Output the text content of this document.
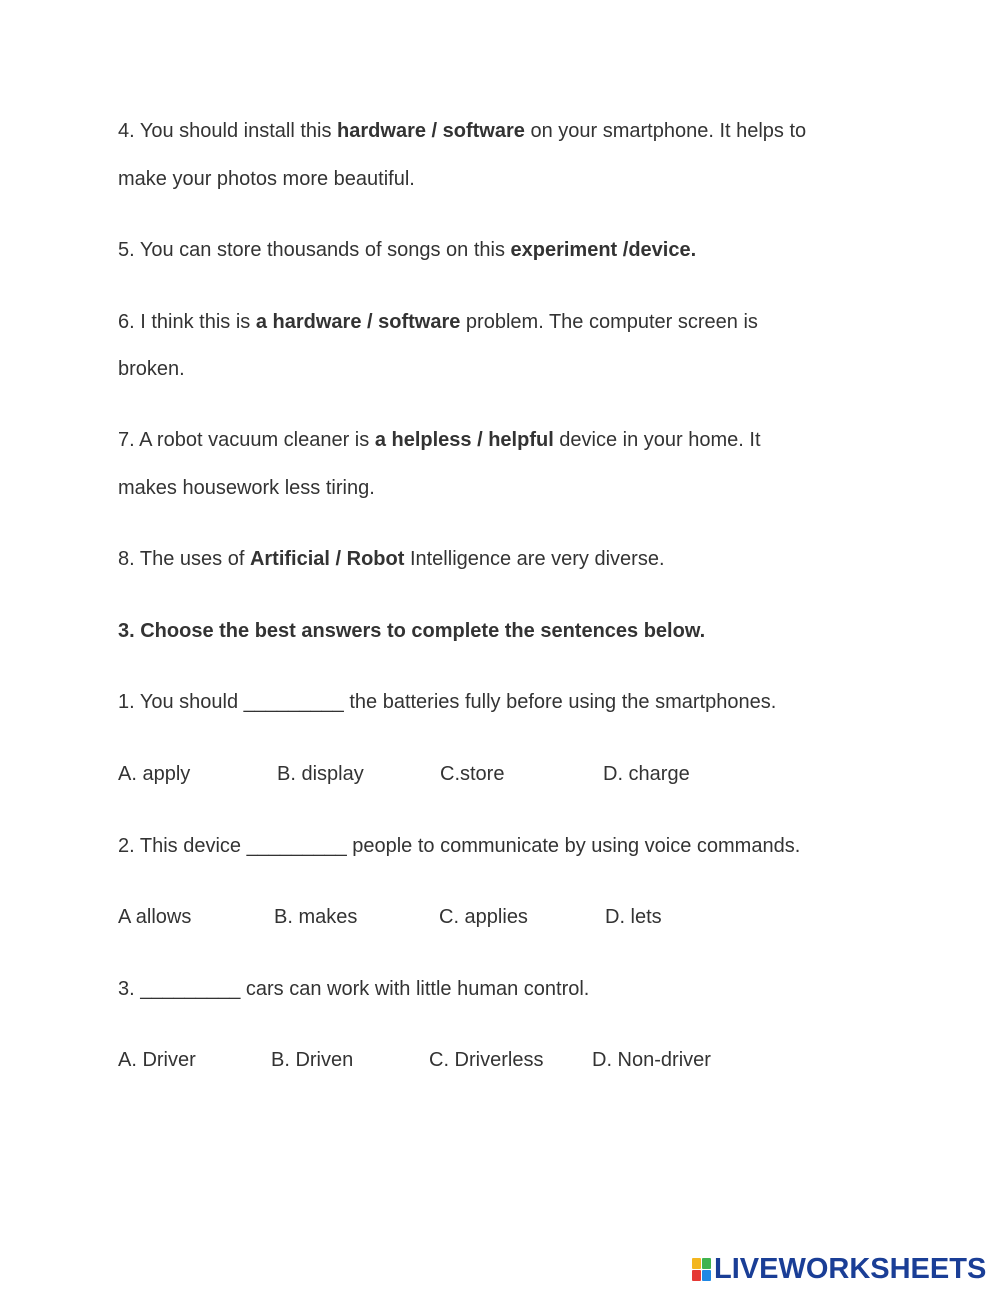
4. You should install this hardware / software on your smartphone. It helps to

make your photos more beautiful.

5. You can store thousands of songs on this experiment /device.

6. I think this is a hardware / software problem. The computer screen is

broken.

7. A robot vacuum cleaner is a helpless / helpful device in your home. It

makes housework less tiring.

8. The uses of Artificial / Robot Intelligence are very diverse.

3. Choose the best answers to complete the sentences below.

1. You should _________ the batteries fully before using the smartphones.

A. apply	B. display	C.store	D. charge

2. This device _________ people to communicate by using voice commands.

A allows	B. makes	C. applies	D. lets

3. _________ cars can work with little human control.

A. Driver	B. Driven	C. Driverless D. Non-driver
LIVEWORKSHEETS
